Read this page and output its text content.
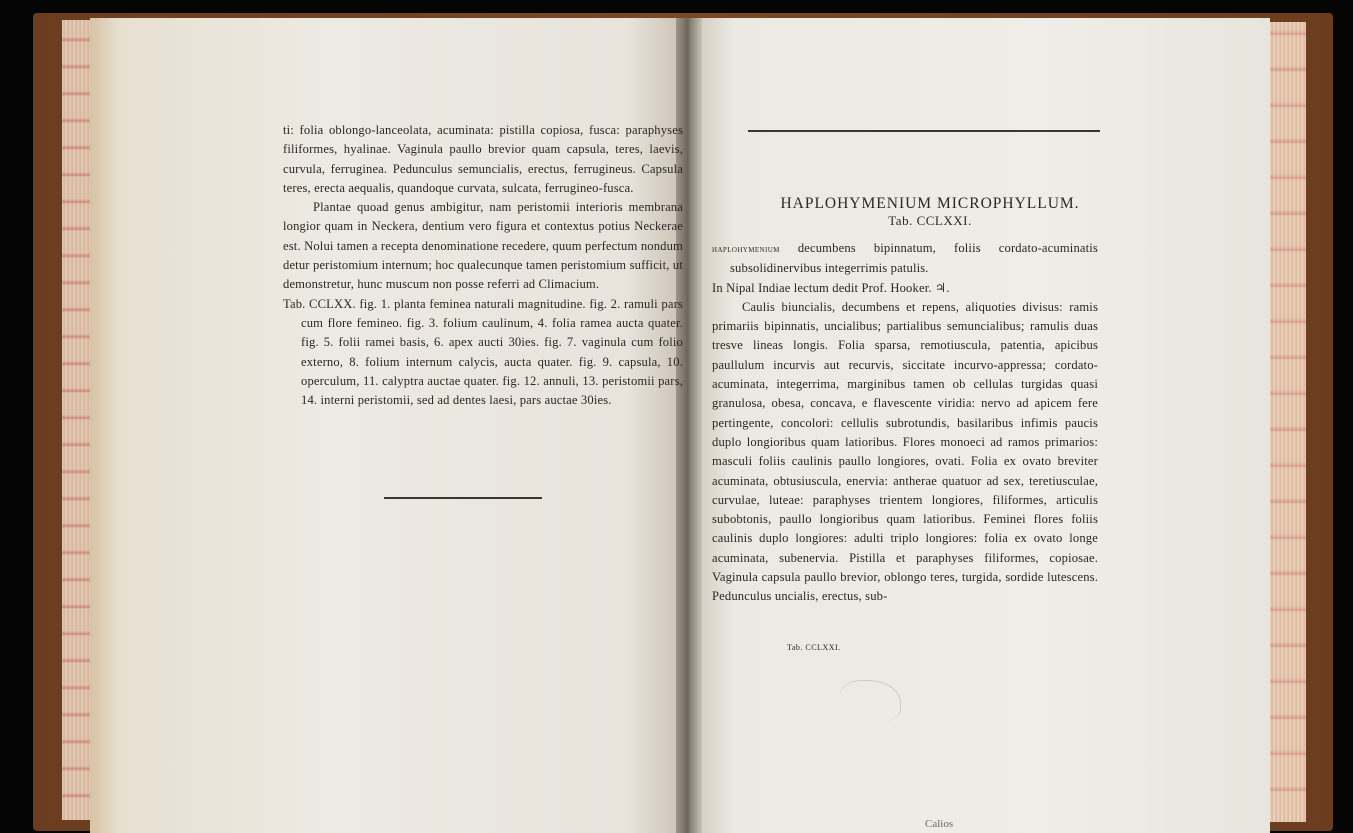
ti: folia oblongo-lanceolata, acuminata: pistilla copiosa, fusca: paraphyses filiformes, hyalinae. Vaginula paullo brevior quam capsula, teres, laevis, curvula, ferruginea. Pedunculus semuncialis, erectus, ferrugineus. Capsula teres, erecta aequalis, quandoque curvata, sulcata, ferrugineo-fusca.

Plantae quoad genus ambigitur, nam peristomii interioris membrana longior quam in Neckera, dentium vero figura et contextus potius Neckerae est. Nolui tamen a recepta denominatione recedere, quum perfectum nondum detur peristomium internum; hoc qualecunque tamen peristomium sufficit, ut demonstretur, hunc muscum non posse referri ad Climacium.

Tab. CCLXX. fig. 1. planta feminea naturali magnitudine. fig. 2. ramuli pars cum flore femineo. fig. 3. folium caulinum, 4. folia ramea aucta quater. fig. 5. folii ramei basis, 6. apex aucti 30ies. fig. 7. vaginula cum folio externo, 8. folium internum calycis, aucta quater. fig. 9. capsula, 10. operculum, 11. calyptra auctae quater. fig. 12. annuli, 13. peristomii pars, 14. interni peristomii, sed ad dentes laesi, pars auctae 30ies.

HAPLOHYMENIUM MICROPHYLLUM.
Tab. CCLXXI.

haplohymenium decumbens bipinnatum, foliis cordato-acuminatis subsolidinervibus integerrimis patulis.

In Nipal Indiae lectum dedit Prof. Hooker. ♃.

Caulis biuncialis, decumbens et repens, aliquoties divisus: ramis primariis bipinnatis, uncialibus; partialibus semuncialibus; ramulis duas tresve lineas longis. Folia sparsa, remotiuscula, patentia, apicibus paullulum incurvis aut recurvis, siccitate incurvo-appressa; cordato-acuminata, integerrima, marginibus tamen ob cellulas turgidas quasi granulosa, obesa, concava, e flavescente viridia: nervo ad apicem fere pertingente, concolori: cellulis subrotundis, basilaribus infimis paucis duplo longioribus quam latioribus. Flores monoeci ad ramos primarios: masculi foliis caulinis paullo longiores, ovati. Folia ex ovato breviter acuminata, obtusiuscula, enervia: antherae quatuor ad sex, teretiusculae, curvulae, luteae: paraphyses trientem longiores, filiformes, articulis subobtonis, paullo longioribus quam latioribus. Feminei flores foliis caulinis duplo longiores: adulti triplo longiores: folia ex ovato longe acuminata, subenervia. Pistilla et paraphyses filiformes, copiosae. Vaginula capsula paullo brevior, oblongo teres, turgida, sordide lutescens. Pedunculus uncialis, erectus, sub-

Tab. CCLXXI.
Calios
